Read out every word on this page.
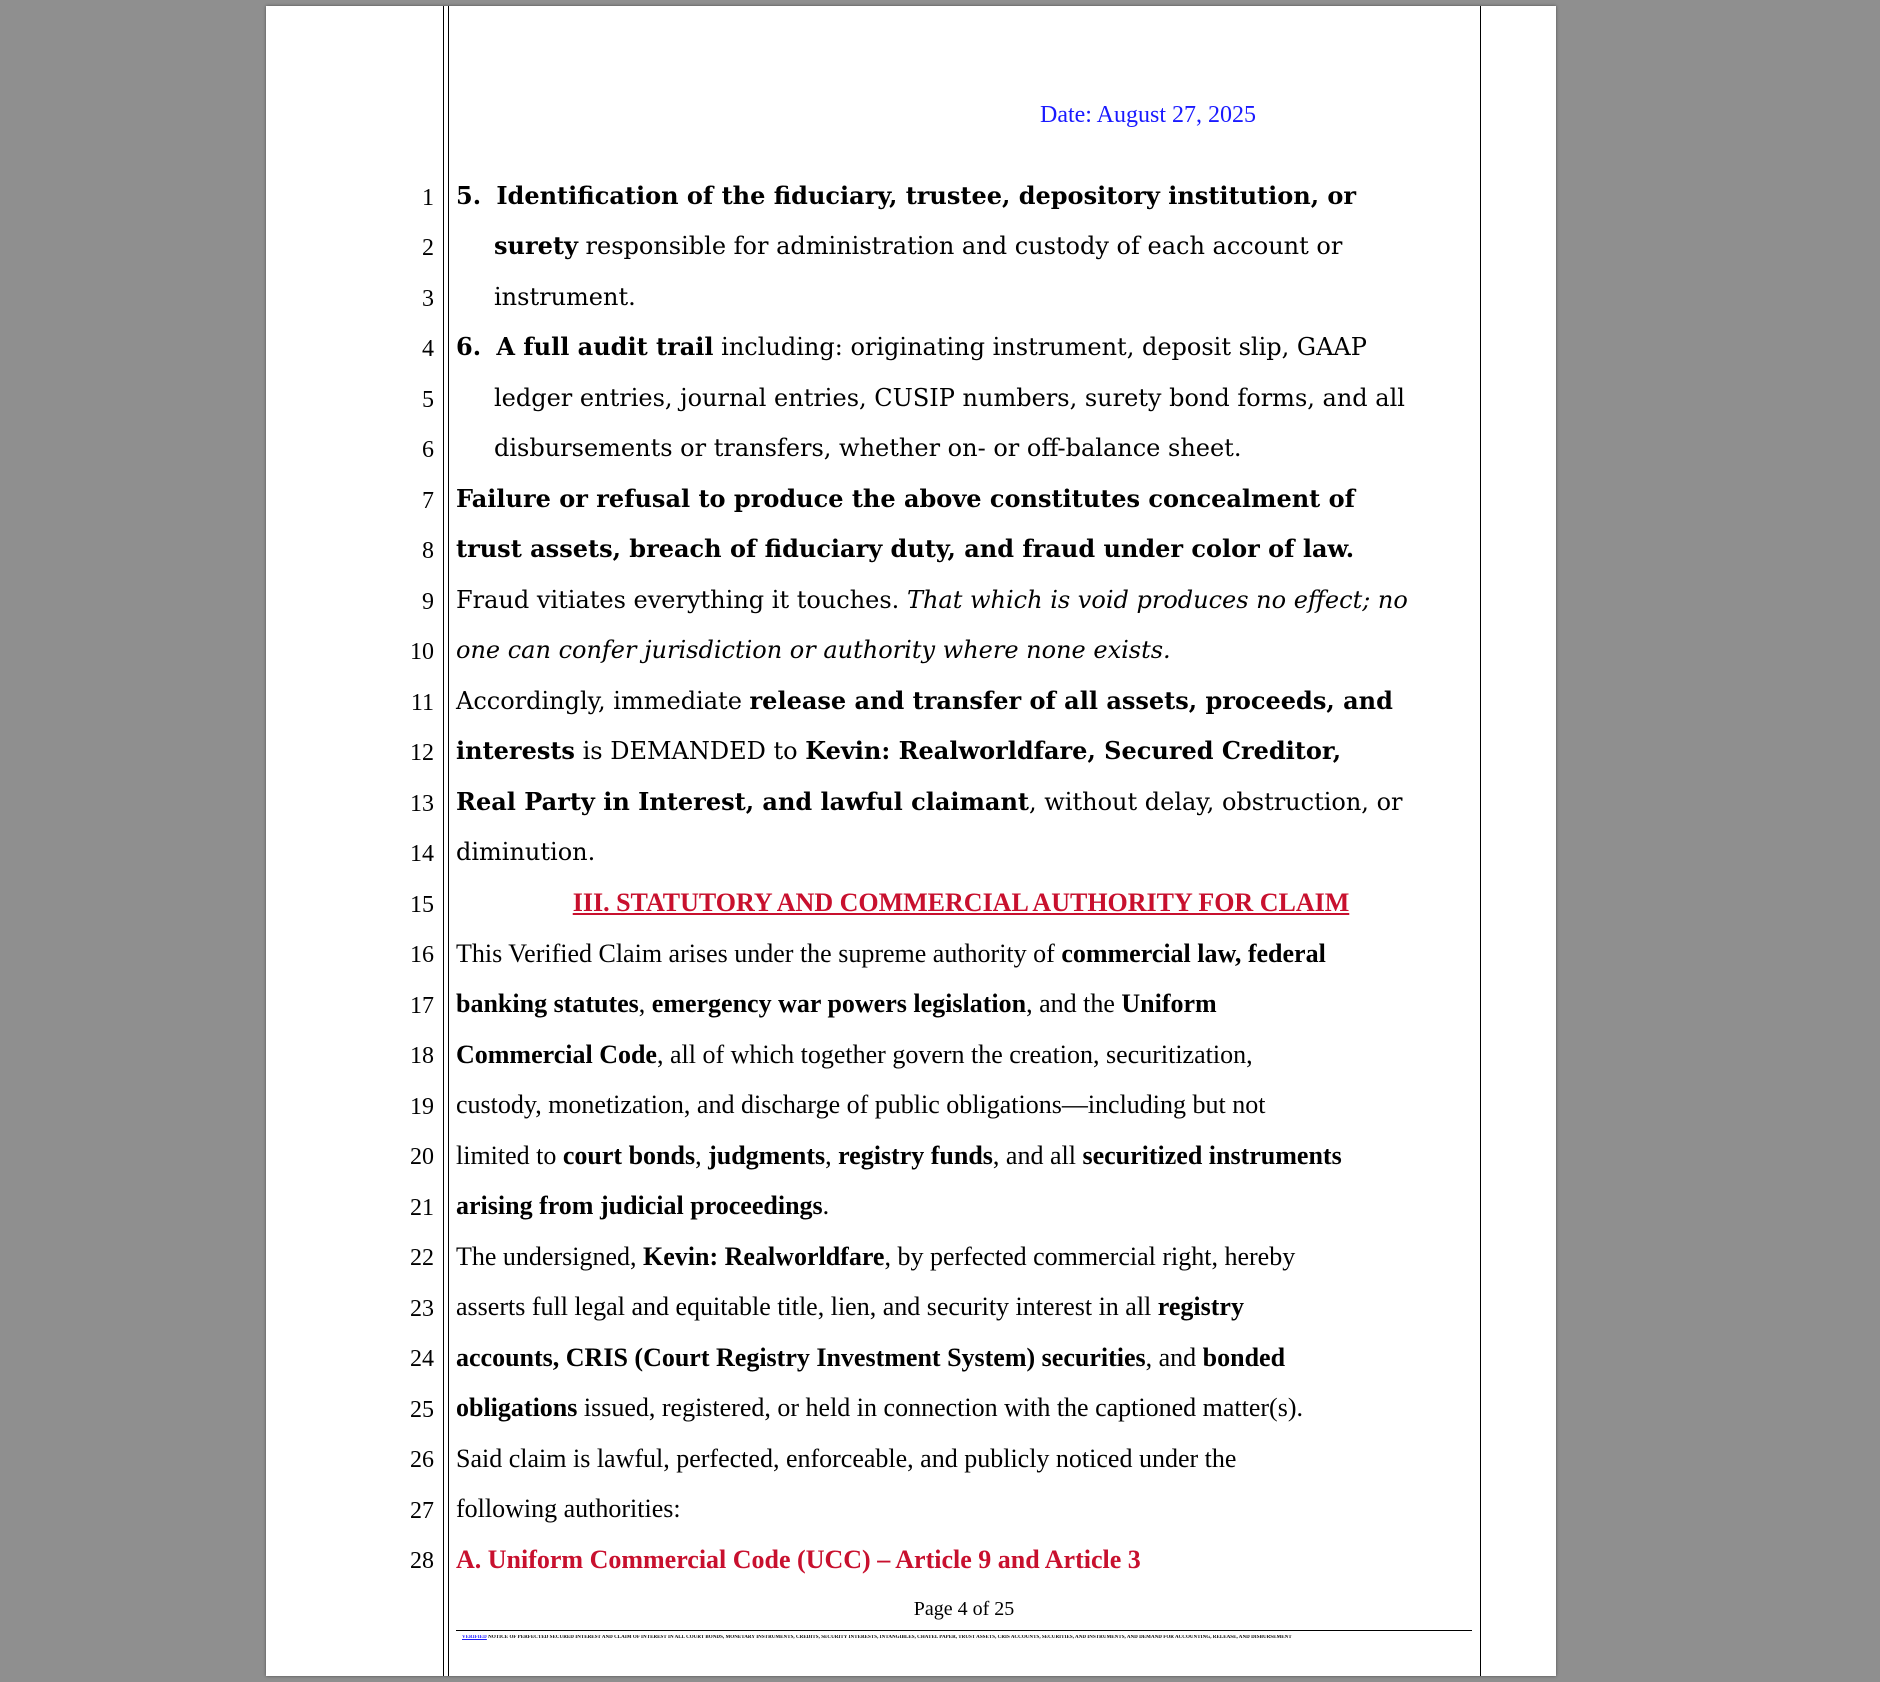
Date: August 27, 2025
1
2
3
4
5
6
7
8
9
10
11
12
13
14
15
16
17
18
19
20
21
22
23
24
25
26
27
28
5. Identification of the fiduciary, trustee, depository institution, or
surety responsible for administration and custody of each account or
instrument.
6. A full audit trail including: originating instrument, deposit slip, GAAP
ledger entries, journal entries, CUSIP numbers, surety bond forms, and all
disbursements or transfers, whether on- or off-balance sheet.
Failure or refusal to produce the above constitutes concealment of
trust assets, breach of fiduciary duty, and fraud under color of law.
Fraud vitiates everything it touches. That which is void produces no effect; no
one can confer jurisdiction or authority where none exists.
Accordingly, immediate release and transfer of all assets, proceeds, and
interests is DEMANDED to Kevin: Realworldfare, Secured Creditor,
Real Party in Interest, and lawful claimant, without delay, obstruction, or
diminution.
III. STATUTORY AND COMMERCIAL AUTHORITY FOR CLAIM
This Verified Claim arises under the supreme authority of commercial law, federal
banking statutes, emergency war powers legislation, and the Uniform
Commercial Code, all of which together govern the creation, securitization,
custody, monetization, and discharge of public obligations—including but not
limited to court bonds, judgments, registry funds, and all securitized instruments
arising from judicial proceedings.
The undersigned, Kevin: Realworldfare, by perfected commercial right, hereby
asserts full legal and equitable title, lien, and security interest in all registry
accounts, CRIS (Court Registry Investment System) securities, and bonded
obligations issued, registered, or held in connection with the captioned matter(s).
Said claim is lawful, perfected, enforceable, and publicly noticed under the
following authorities:
A. Uniform Commercial Code (UCC) – Article 9 and Article 3
Page 4 of 25
VERIFIED NOTICE OF PERFECTED SECURED INTEREST AND CLAIM OF INTEREST IN ALL COURT BONDS, MONETARY INSTRUMENTS, CREDITS, SECURITY INTERESTS, INTANGIBLES, CHATEL PAPER, TRUST ASSETS, CRIS ACCOUNTS, SECURITIES, AND INSTRUMENTS, AND DEMAND FOR ACCOUNTING, RELEASE, AND DISBURSEMENT
